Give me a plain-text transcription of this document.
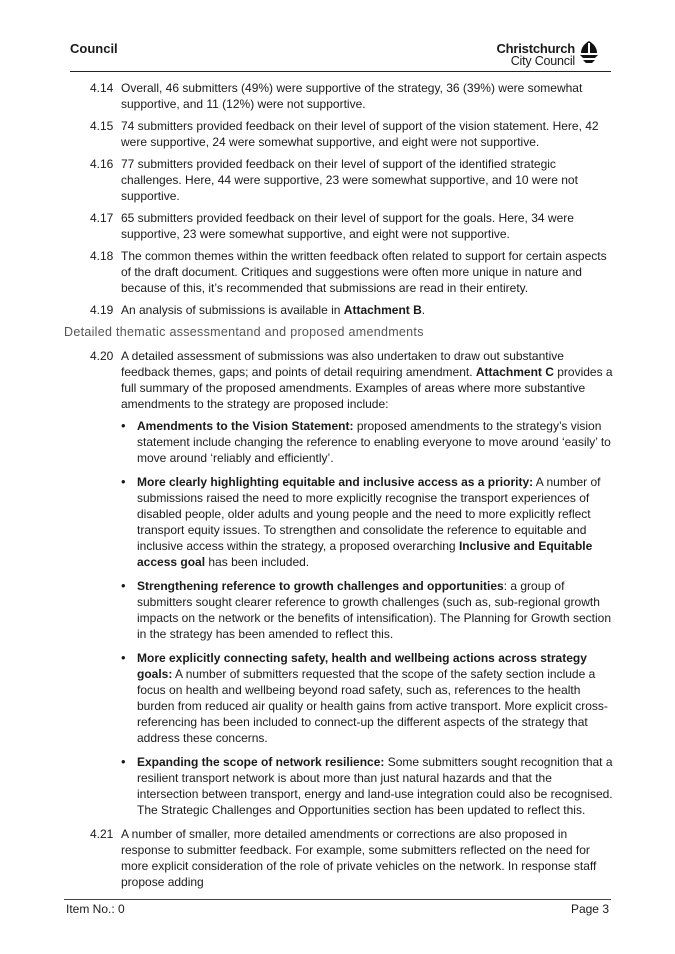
Council	Christchurch
City Council
4.14 Overall, 46 submitters (49%) were supportive of the strategy, 36 (39%) were somewhat supportive, and 11 (12%) were not supportive.
4.15 74 submitters provided feedback on their level of support of the vision statement. Here, 42 were supportive, 24 were somewhat supportive, and eight were not supportive.
4.16 77 submitters provided feedback on their level of support of the identified strategic challenges. Here, 44 were supportive, 23 were somewhat supportive, and 10 were not supportive.
4.17 65 submitters provided feedback on their level of support for the goals. Here, 34 were supportive, 23 were somewhat supportive, and eight were not supportive.
4.18 The common themes within the written feedback often related to support for certain aspects of the draft document. Critiques and suggestions were often more unique in nature and because of this, it’s recommended that submissions are read in their entirety.
4.19 An analysis of submissions is available in Attachment B.
Detailed thematic assessmentand and proposed amendments
4.20 A detailed assessment of submissions was also undertaken to draw out substantive feedback themes, gaps; and points of detail requiring amendment. Attachment C provides a full summary of the proposed amendments. Examples of areas where more substantive amendments to the strategy are proposed include:
• Amendments to the Vision Statement: proposed amendments to the strategy’s vision statement include changing the reference to enabling everyone to move around ‘easily’ to move around ‘reliably and efficiently’.
• More clearly highlighting equitable and inclusive access as a priority: A number of submissions raised the need to more explicitly recognise the transport experiences of disabled people, older adults and young people and the need to more explicitly reflect transport equity issues. To strengthen and consolidate the reference to equitable and inclusive access within the strategy, a proposed overarching Inclusive and Equitable access goal has been included.
• Strengthening reference to growth challenges and opportunities: a group of submitters sought clearer reference to growth challenges (such as, sub-regional growth impacts on the network or the benefits of intensification). The Planning for Growth section in the strategy has been amended to reflect this.
• More explicitly connecting safety, health and wellbeing actions across strategy goals: A number of submitters requested that the scope of the safety section include a focus on health and wellbeing beyond road safety, such as, references to the health burden from reduced air quality or health gains from active transport. More explicit cross-referencing has been included to connect-up the different aspects of the strategy that address these concerns.
• Expanding the scope of network resilience: Some submitters sought recognition that a resilient transport network is about more than just natural hazards and that the intersection between transport, energy and land-use integration could also be recognised. The Strategic Challenges and Opportunities section has been updated to reflect this.
4.21 A number of smaller, more detailed amendments or corrections are also proposed in response to submitter feedback. For example, some submitters reflected on the need for more explicit consideration of the role of private vehicles on the network. In response staff propose adding
Item No.: 0	Page 3
